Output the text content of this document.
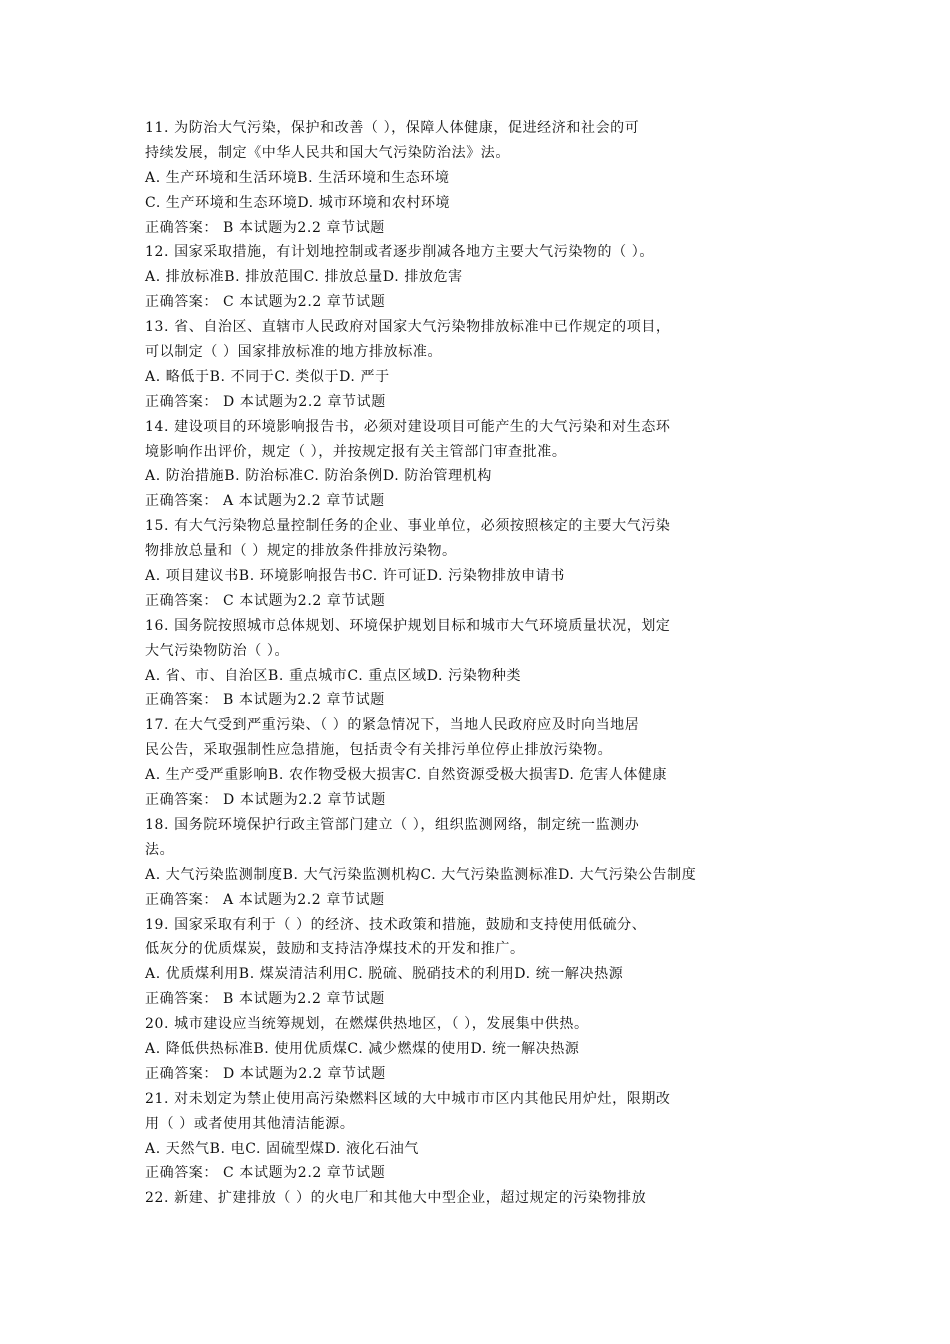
11. 为防治大气污染，保护和改善（ ），保障人体健康，促进经济和社会的可
持续发展，制定《中华人民共和国大气污染防治法》法。
A. 生产环境和生活环境B. 生活环境和生态环境
C. 生产环境和生态环境D. 城市环境和农村环境
正确答案： B 本试题为2.2 章节试题
12. 国家采取措施，有计划地控制或者逐步削减各地方主要大气污染物的（ ）。
A. 排放标准B. 排放范围C. 排放总量D. 排放危害
正确答案： C 本试题为2.2 章节试题
13. 省、自治区、直辖市人民政府对国家大气污染物排放标准中已作规定的项目，
可以制定（ ）国家排放标准的地方排放标准。
A. 略低于B. 不同于C. 类似于D. 严于
正确答案： D 本试题为2.2 章节试题
14. 建设项目的环境影响报告书，必须对建设项目可能产生的大气污染和对生态环
境影响作出评价，规定（ ），并按规定报有关主管部门审查批准。
A. 防治措施B. 防治标准C. 防治条例D. 防治管理机构
正确答案： A 本试题为2.2 章节试题
15. 有大气污染物总量控制任务的企业、事业单位，必须按照核定的主要大气污染
物排放总量和（ ）规定的排放条件排放污染物。
A. 项目建议书B. 环境影响报告书C. 许可证D. 污染物排放申请书
正确答案： C 本试题为2.2 章节试题
16. 国务院按照城市总体规划、环境保护规划目标和城市大气环境质量状况，划定
大气污染物防治（ ）。
A. 省、市、自治区B. 重点城市C. 重点区域D. 污染物种类
正确答案： B 本试题为2.2 章节试题
17. 在大气受到严重污染、（ ）的紧急情况下，当地人民政府应及时向当地居
民公告，采取强制性应急措施，包括责令有关排污单位停止排放污染物。
A. 生产受严重影响B. 农作物受极大损害C. 自然资源受极大损害D. 危害人体健康
正确答案： D 本试题为2.2 章节试题
18. 国务院环境保护行政主管部门建立（ ），组织监测网络，制定统一监测办
法。
A. 大气污染监测制度B. 大气污染监测机构C. 大气污染监测标准D. 大气污染公告制度
正确答案： A 本试题为2.2 章节试题
19. 国家采取有利于（ ）的经济、技术政策和措施，鼓励和支持使用低硫分、
低灰分的优质煤炭，鼓励和支持洁净煤技术的开发和推广。
A. 优质煤利用B. 煤炭清洁利用C. 脱硫、脱硝技术的利用D. 统一解决热源
正确答案： B 本试题为2.2 章节试题
20. 城市建设应当统筹规划，在燃煤供热地区，（ ），发展集中供热。
A. 降低供热标准B. 使用优质煤C. 减少燃煤的使用D. 统一解决热源
正确答案： D 本试题为2.2 章节试题
21. 对未划定为禁止使用高污染燃料区域的大中城市市区内其他民用炉灶，限期改
用（ ）或者使用其他清洁能源。
A. 天然气B. 电C. 固硫型煤D. 液化石油气
正确答案： C 本试题为2.2 章节试题
22. 新建、扩建排放（ ）的火电厂和其他大中型企业，超过规定的污染物排放
